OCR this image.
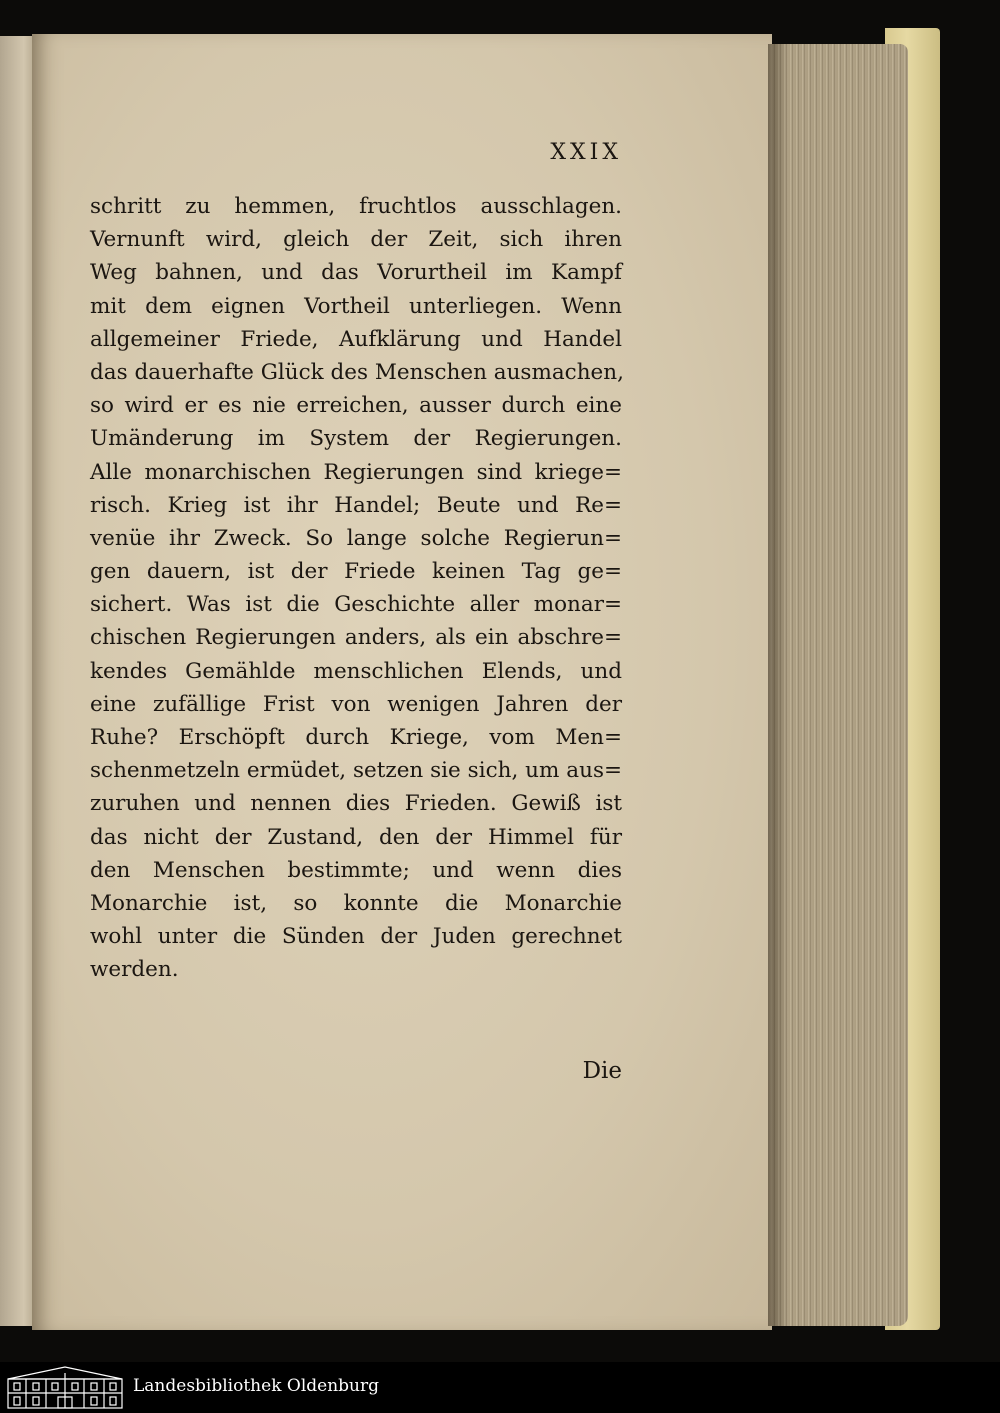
XXIX
schritt zu hemmen, fruchtlos ausschlagen.
Vernunft wird, gleich der Zeit, sich ihren
Weg bahnen, und das Vorurtheil im Kampf
mit dem eignen Vortheil unterliegen. Wenn
allgemeiner Friede, Aufklärung und Handel
das dauerhafte Glück des Menschen ausmachen,
so wird er es nie erreichen, ausser durch eine
Umänderung im System der Regierungen.
Alle monarchischen Regierungen sind kriege=
risch. Krieg ist ihr Handel; Beute und Re=
venüe ihr Zweck. So lange solche Regierun=
gen dauern, ist der Friede keinen Tag ge=
sichert. Was ist die Geschichte aller monar=
chischen Regierungen anders, als ein abschre=
kendes Gemählde menschlichen Elends, und
eine zufällige Frist von wenigen Jahren der
Ruhe? Erschöpft durch Kriege, vom Men=
schenmetzeln ermüdet, setzen sie sich, um aus=
zuruhen und nennen dies Frieden. Gewiß ist
das nicht der Zustand, den der Himmel für
den Menschen bestimmte; und wenn dies
Monarchie ist, so konnte die Monarchie
wohl unter die Sünden der Juden gerechnet
werden.
Die
Landesbibliothek Oldenburg
